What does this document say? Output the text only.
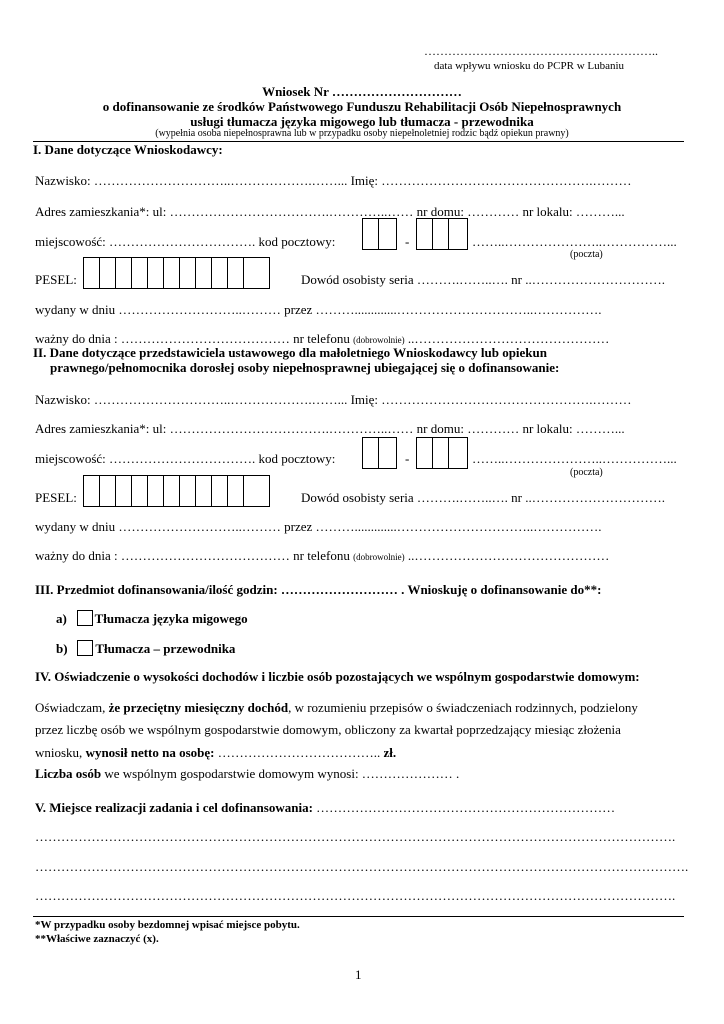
…………………………………………………..
data wpływu wniosku do PCPR w Lubaniu
Wniosek Nr …………………………
o dofinansowanie ze środków Państwowego Funduszu Rehabilitacji Osób Niepełnosprawnych
usługi tłumacza języka migowego lub tłumacza - przewodnika
(wypełnia osoba niepełnosprawna lub w przypadku osoby niepełnoletniej rodzic bądź opiekun prawny)
I. Dane dotyczące Wnioskodawcy:
Nazwisko: …………………………..……………….……... Imię: ………………………………………….………
Adres zamieszkania*: ul: ……………………………….…………..…… nr domu: ………… nr lokalu: ………...
miejscowość: ……………………………. kod pocztowy:	-	……..…………………..……………...
(poczta)
PESEL:	Dowód osobisty seria ……….……..…. nr ..………………………….
wydany w dniu ………………………..……… przez ……….............…………………………..…………….
ważny do dnia : ………………………………… nr telefonu (dobrowolnie) ..………………………………………
II. Dane dotyczące przedstawiciela ustawowego dla małoletniego Wnioskodawcy lub opiekun
prawnego/pełnomocnika dorosłej osoby niepełnosprawnej ubiegającej się o dofinansowanie:
Nazwisko: …………………………..……………….……... Imię: ………………………………………….………
Adres zamieszkania*: ul: ……………………………….…………..…… nr domu: ………… nr lokalu: ………...
miejscowość: ……………………………. kod pocztowy:	-	……..…………………..……………...
(poczta)
PESEL:	Dowód osobisty seria ……….……..…. nr ..………………………….
wydany w dniu ………………………..……… przez ……….............…………………………..…………….
ważny do dnia : ………………………………… nr telefonu (dobrowolnie) ..………………………………………
III. Przedmiot dofinansowania/ilość godzin: ……………………… . Wnioskuję o dofinansowanie do**:
a) Tłumacza języka migowego
b) Tłumacza – przewodnika
IV. Oświadczenie o wysokości dochodów i liczbie osób pozostających we wspólnym gospodarstwie domowym:
Oświadczam, że przeciętny miesięczny dochód, w rozumieniu przepisów o świadczeniach rodzinnych, podzielony
przez liczbę osób we wspólnym gospodarstwie domowym, obliczony za kwartał poprzedzający miesiąc złożenia
wniosku, wynosił netto na osobę: ……………………………….. zł.
Liczba osób we wspólnym gospodarstwie domowym wynosi: ………………… .
V. Miejsce realizacji zadania i cel dofinansowania: ……………………………………………………………
………………………………………………………………………………………………………………………………….
…………………………………………………………………………………………………………………………………….
………………………………………………………………………………………………………………………………….
*W przypadku osoby bezdomnej wpisać miejsce pobytu.
**Właściwe zaznaczyć (x).
1
